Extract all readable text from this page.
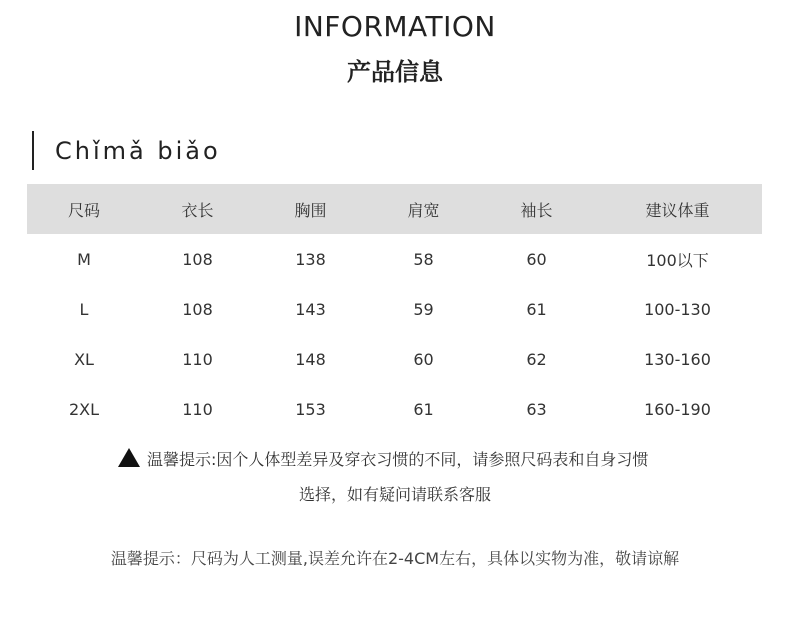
INFORMATION
产品信息
Chǐmǎ biǎo
尺码	衣长	胸围	肩宽	袖长	建议体重
M	108	138	58	60	100以下
L	108	143	59	61	100-130
XL	110	148	60	62	130-160
2XL	110	153	61	63	160-190
温馨提示:因个人体型差异及穿衣习惯的不同，请参照尺码表和自身习惯
选择，如有疑问请联系客服
温馨提示：尺码为人工测量,误差允许在2-4CM左右，具体以实物为准，敬请谅解
